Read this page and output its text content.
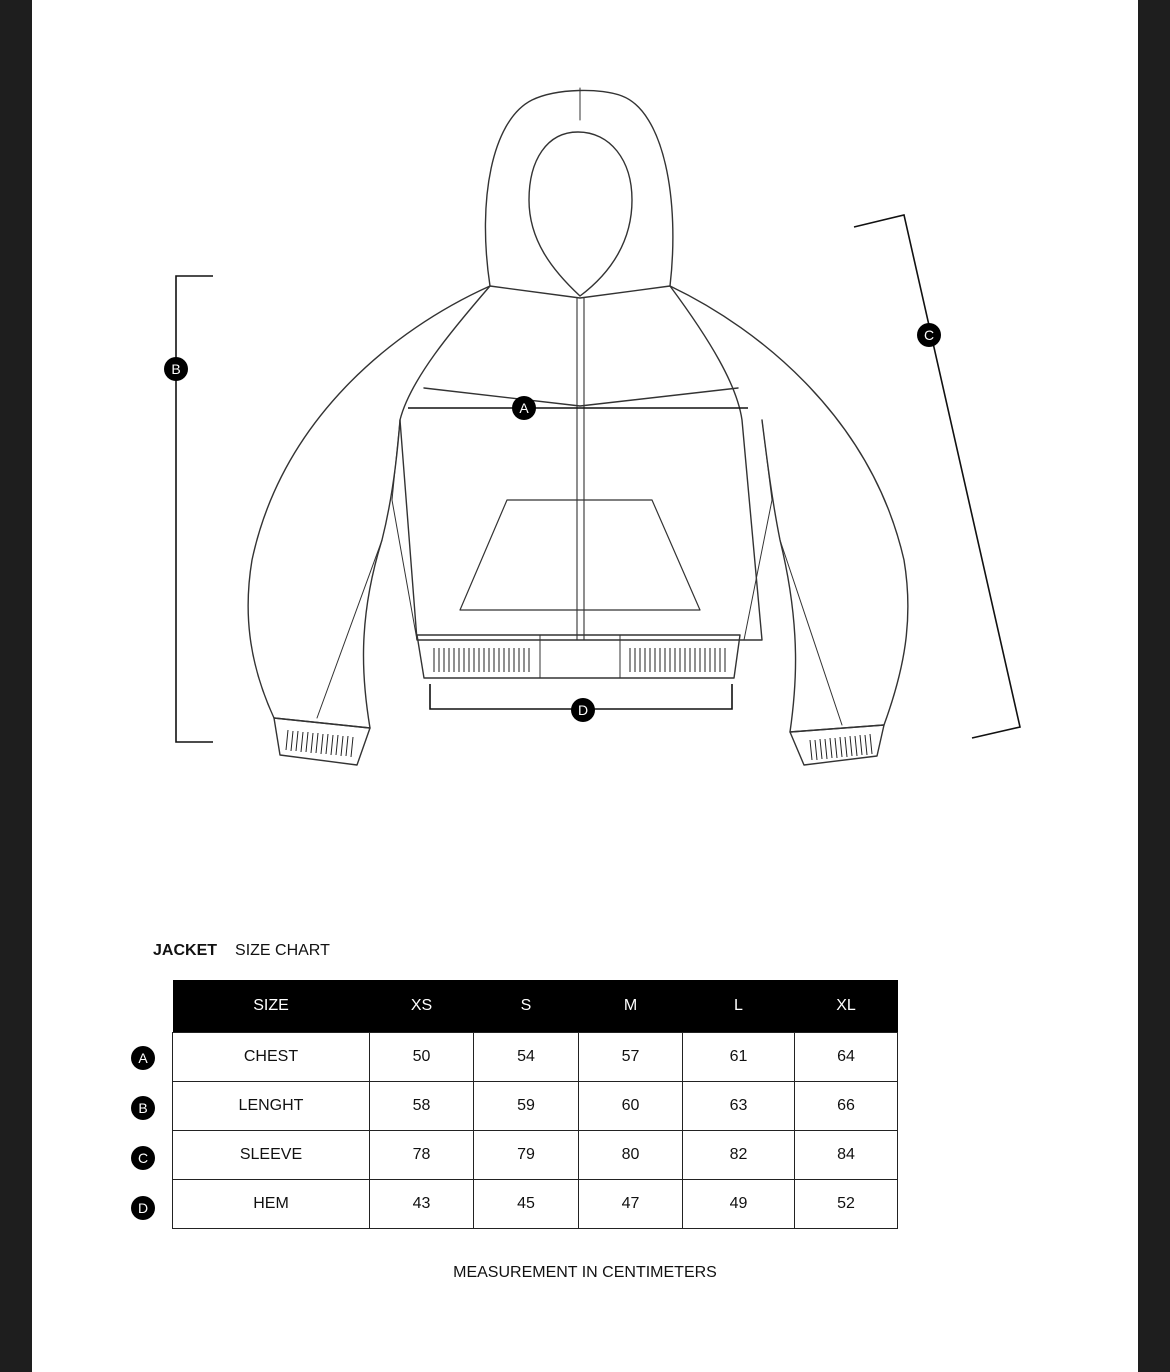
A
B
C
D
JACKET SIZE CHART
SIZE	XS	S	M	L	XL
CHEST	50	54	57	61	64
LENGHT	58	59	60	63	66
SLEEVE	78	79	80	82	84
HEM	43	45	47	49	52
A
B
C
D
MEASUREMENT IN CENTIMETERS
